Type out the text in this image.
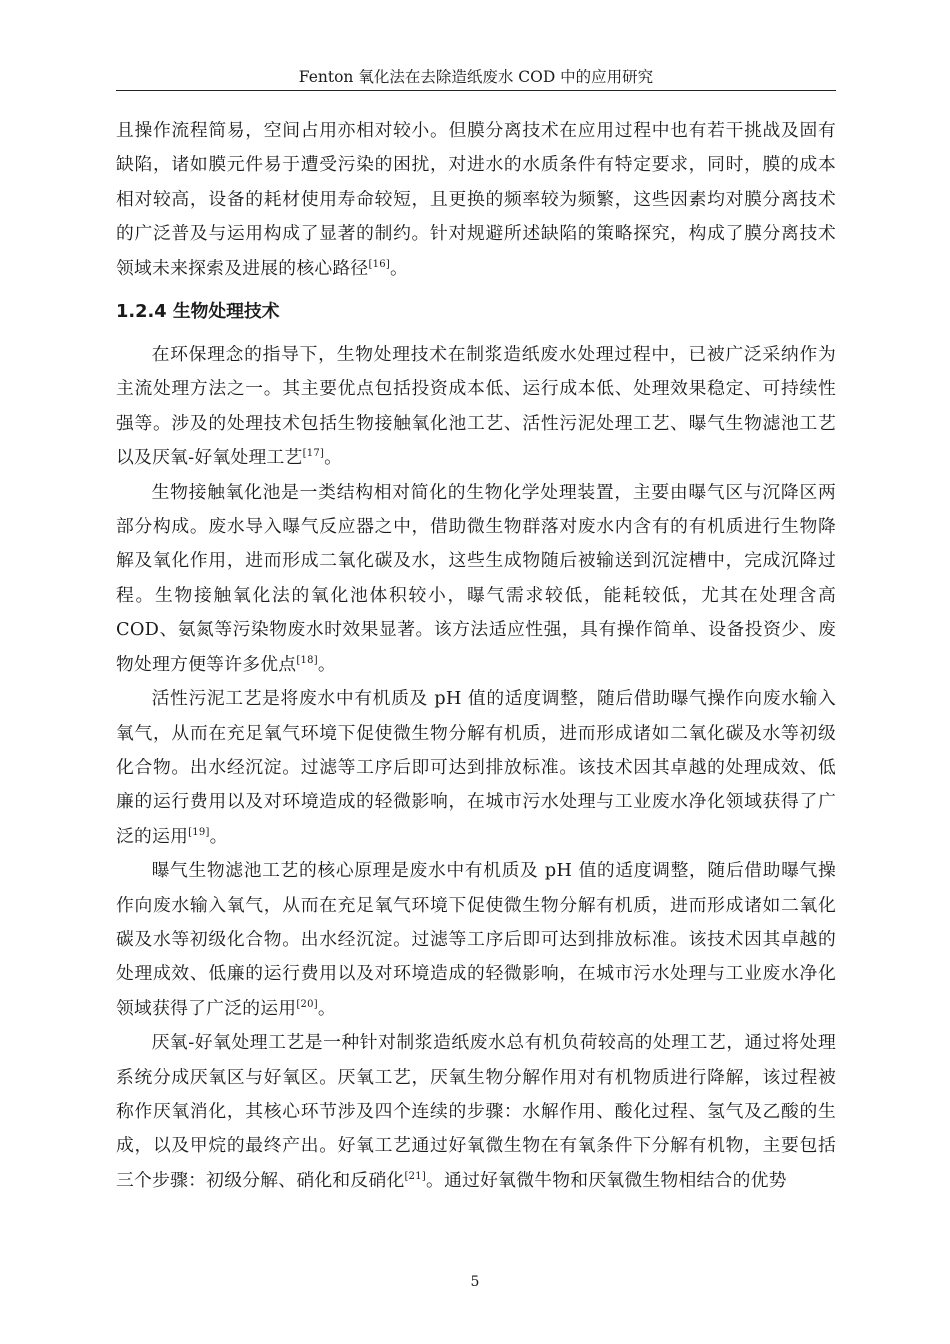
Fenton 氧化法在去除造纸废水 COD 中的应用研究

且操作流程简易，空间占用亦相对较小。但膜分离技术在应用过程中也有若干挑战及固有缺陷，诸如膜元件易于遭受污染的困扰，对进水的水质条件有特定要求，同时，膜的成本相对较高，设备的耗材使用寿命较短，且更换的频率较为频繁，这些因素均对膜分离技术的广泛普及与运用构成了显著的制约。针对规避所述缺陷的策略探究，构成了膜分离技术领域未来探索及进展的核心路径[16]。

1.2.4 生物处理技术

在环保理念的指导下，生物处理技术在制浆造纸废水处理过程中，已被广泛采纳作为主流处理方法之一。其主要优点包括投资成本低、运行成本低、处理效果稳定、可持续性强等。涉及的处理技术包括生物接触氧化池工艺、活性污泥处理工艺、曝气生物滤池工艺以及厌氧-好氧处理工艺[17]。

生物接触氧化池是一类结构相对简化的生物化学处理装置，主要由曝气区与沉降区两部分构成。废水导入曝气反应器之中，借助微生物群落对废水内含有的有机质进行生物降解及氧化作用，进而形成二氧化碳及水，这些生成物随后被输送到沉淀槽中，完成沉降过程。生物接触氧化法的氧化池体积较小，曝气需求较低，能耗较低，尤其在处理含高COD、氨氮等污染物废水时效果显著。该方法适应性强，具有操作简单、设备投资少、废物处理方便等许多优点[18]。

活性污泥工艺是将废水中有机质及 pH 值的适度调整，随后借助曝气操作向废水输入氧气，从而在充足氧气环境下促使微生物分解有机质，进而形成诸如二氧化碳及水等初级化合物。出水经沉淀。过滤等工序后即可达到排放标准。该技术因其卓越的处理成效、低廉的运行费用以及对环境造成的轻微影响，在城市污水处理与工业废水净化领域获得了广泛的运用[19]。

曝气生物滤池工艺的核心原理是废水中有机质及 pH 值的适度调整，随后借助曝气操作向废水输入氧气，从而在充足氧气环境下促使微生物分解有机质，进而形成诸如二氧化碳及水等初级化合物。出水经沉淀。过滤等工序后即可达到排放标准。该技术因其卓越的处理成效、低廉的运行费用以及对环境造成的轻微影响，在城市污水处理与工业废水净化领域获得了广泛的运用[20]。

厌氧-好氧处理工艺是一种针对制浆造纸废水总有机负荷较高的处理工艺，通过将处理系统分成厌氧区与好氧区。厌氧工艺，厌氧生物分解作用对有机物质进行降解，该过程被称作厌氧消化，其核心环节涉及四个连续的步骤：水解作用、酸化过程、氢气及乙酸的生成，以及甲烷的最终产出。好氧工艺通过好氧微生物在有氧条件下分解有机物，主要包括三个步骤：初级分解、硝化和反硝化[21]。通过好氧微牛物和厌氧微生物相结合的优势

5
